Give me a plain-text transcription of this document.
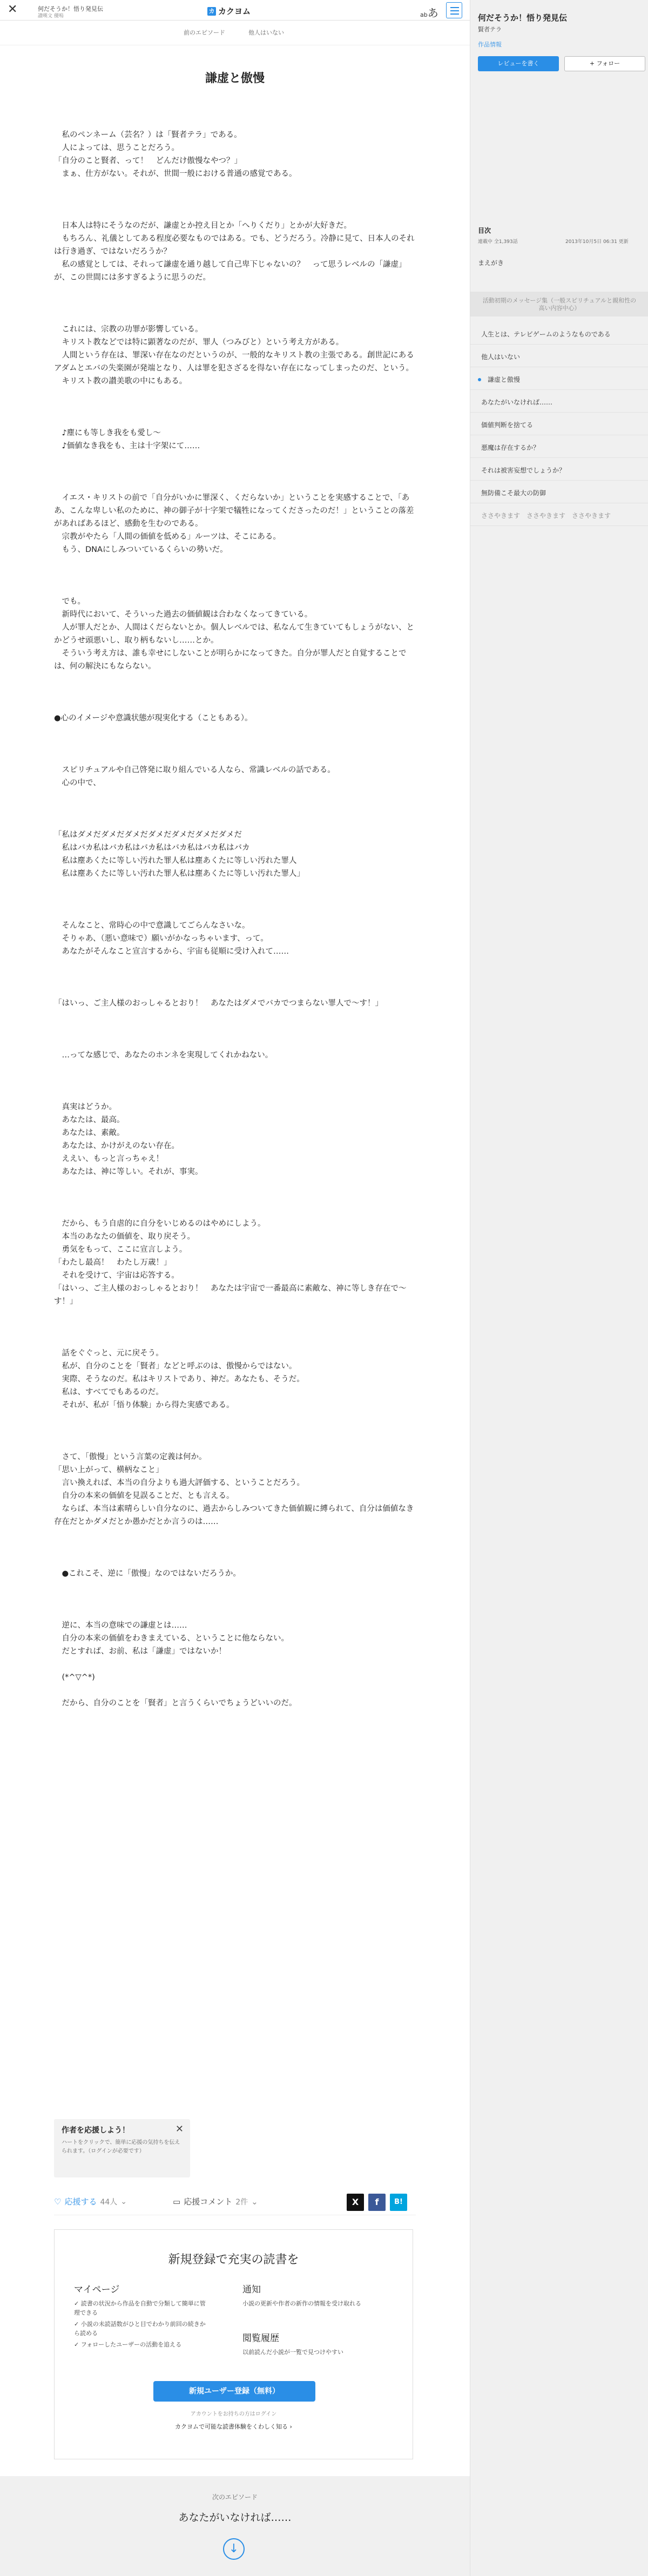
✕	何だそうか！悟り発見伝
讃嘆文 優嗚
カ カクヨム	abあ
前のエピソード	他人はいない
謙虚と傲慢

　私のペンネーム（芸名？）は「賢者テラ」である。

　人によっては、思うことだろう。

「自分のこと賢者、って！　どんだけ傲慢なやつ？」

　まぁ、仕方がない。それが、世間一般における普通の感覚である。

　日本人は特にそうなのだが、謙虚とか控え目とか「へりくだり」とかが大好きだ。

　もちろん、礼儀としてある程度必要なものではある。でも、どうだろう。冷静に見て、日本人のそれは行き過ぎ、ではないだろうか？

　私の感覚としては、それって謙虚を通り越して自己卑下じゃないの？　って思うレベルの「謙虚」が、この世間には多すぎるように思うのだ。

　これには、宗教の功罪が影響している。

　キリスト教などでは特に顕著なのだが、罪人（つみびと）という考え方がある。

　人間という存在は、罪深い存在なのだというのが、一般的なキリスト教の主張である。創世記にあるアダムとエバの失楽園が発端となり、人は罪を犯さざるを得ない存在になってしまったのだ、という。

　キリスト教の讃美歌の中にもある。

　♪塵にも等しき我をも愛し～

　♪価値なき我をも、主は十字架にて……

　イエス・キリストの前で「自分がいかに罪深く、くだらないか」ということを実感することで、「ああ、こんな卑しい私のために、神の御子が十字架で犠牲になってくださったのだ！」ということの落差があればあるほど、感動を生むのである。

　宗教がやたら「人間の価値を低める」ルーツは、そこにある。

　もう、DNAにしみついているくらいの勢いだ。

　でも。

　新時代において、そういった過去の価値観は合わなくなってきている。

　人が罪人だとか、人間はくだらないとか。個人レベルでは、私なんて生きていてもしょうがない、とかどうせ頭悪いし、取り柄もないし……とか。

　そういう考え方は、誰も幸せにしないことが明らかになってきた。自分が罪人だと自覚することでは、何の解決にもならない。

●心のイメージや意識状態が現実化する（こともある）。

　スピリチュアルや自己啓発に取り組んでいる人なら、常識レベルの話である。

　心の中で、

「私はダメだダメだダメだダメだダメだダメだダメだ

　私はバカ私はバカ私はバカ私はバカ私はバカ私はバカ

　私は塵あくたに等しい汚れた罪人私は塵あくたに等しい汚れた罪人

　私は塵あくたに等しい汚れた罪人私は塵あくたに等しい汚れた罪人」

　そんなこと、常時心の中で意識してごらんなさいな。

　そりゃあ、（悪い意味で）願いがかなっちゃいます、って。

　あなたがそんなこと宣言するから、宇宙も従順に受け入れて……

「はいっ、ご主人様のおっしゃるとおり！　あなたはダメでバカでつまらない罪人で～す！」

　…ってな感じで、あなたのホンネを実現してくれかねない。

　真実はどうか。

　あなたは、最高。

　あなたは、素敵。

　あなたは、かけがえのない存在。

　ええい、もっと言っちゃえ！

　あなたは、神に等しい。それが、事実。

　だから、もう自虐的に自分をいじめるのはやめにしよう。

　本当のあなたの価値を、取り戻そう。

　勇気をもって、ここに宣言しよう。

「わたし最高！　わたし万歳！」

　それを受けて、宇宙は応答する。

「はいっ、ご主人様のおっしゃるとおり！　あなたは宇宙で一番最高に素敵な、神に等しき存在で～す！」

　話をぐぐっと、元に戻そう。

　私が、自分のことを「賢者」などと呼ぶのは、傲慢からではない。

　実際、そうなのだ。私はキリストであり、神だ。あなたも、そうだ。

　私は、すべてでもあるのだ。

　それが、私が「悟り体験」から得た実感である。

　さて、「傲慢」という言葉の定義は何か。

「思い上がって、横柄なこと」

　言い換えれば、本当の自分よりも過大評価する、ということだろう。

　自分の本来の価値を見誤ることだ、とも言える。

　ならば、本当は素晴らしい自分なのに、過去からしみついてきた価値観に縛られて、自分は価値なき存在だとかダメだとか愚かだとか言うのは……

　●これこそ、逆に「傲慢」なのではないだろうか。

　逆に、本当の意味での謙虚とは……

　自分の本来の価値をわきまえている、ということに他ならない。

　だとすれば、お前、私は「謙虚」ではないか！

　(*^▽^*)

　だから、自分のことを「賢者」と言うくらいでちょうどいいのだ。

作者を応援しよう！
ハートをクリックで、簡単に応援の気持ちを伝えられます。（ログインが必要です）
✕
♡ 応援する 44人 ⌄	▭ 応援コメント 2件 ⌄	X	f	B!
新規登録で充実の読書を
マイページ
✓ 読書の状況から作品を自動で分類して簡単に管理できる
✓ 小説の未読話数がひと目でわかり前回の続きから読める
✓ フォローしたユーザーの活動を追える
通知
小説の更新や作者の新作の情報を受け取れる
閲覧履歴
以前読んだ小説が一覧で見つけやすい
新規ユーザー登録（無料）
アカウントをお持ちの方はログイン
カクヨムで可能な読書体験をくわしく知る ›
次のエピソード
あなたがいなければ……
↓
何だそうか！悟り発見伝
賢者テラ
作品情報
レビューを書く	+ フォロー
目次
連載中 全1,393話	2013年10月5日 06:31 更新
まえがき
活動初期のメッセージ集（一般スピリチュアルと親和性の高い内容中心）
人生とは、テレビゲームのようなものである
他人はいない
謙虚と傲慢
あなたがいなければ……
価値判断を捨てる
悪魔は存在するか？
それは被害妄想でしょうか？
無防備こそ最大の防御
ささやきます　ささやきます　ささやきます
